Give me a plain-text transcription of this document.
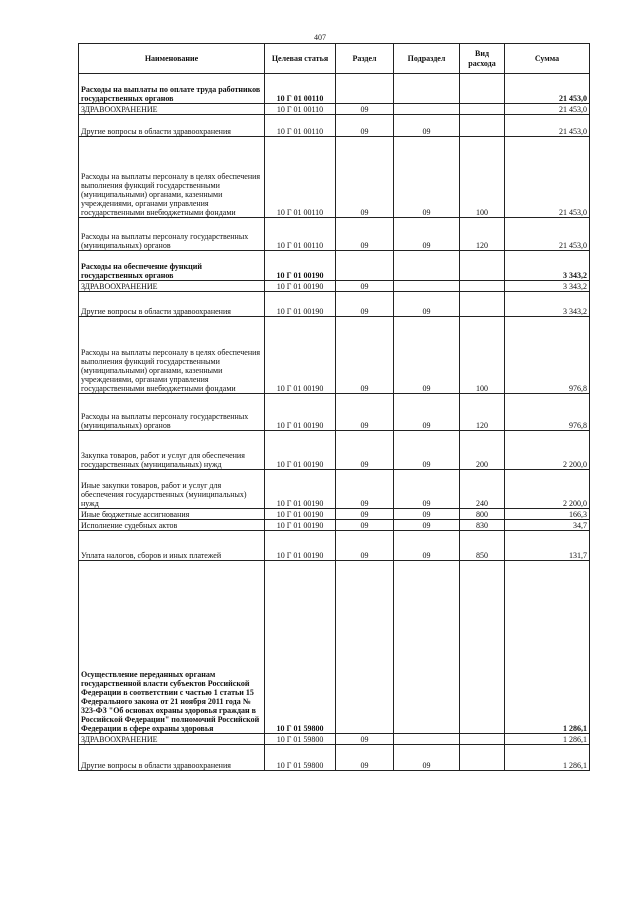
407
Наименование	Целевая статья	Раздел	Подраздел	Вид расхода	Сумма
Расходы на выплаты по оплате труда работников государственных органов	10 Г 01 00110				21 453,0
ЗДРАВООХРАНЕНИЕ	10 Г 01 00110	09			21 453,0
Другие вопросы в области здравоохранения	10 Г 01 00110	09	09		21 453,0
Расходы на выплаты персоналу в целях обеспечения выполнения функций государственными (муниципальными) органами, казенными учреждениями, органами управления государственными внебюджетными фондами	10 Г 01 00110	09	09	100	21 453,0
Расходы на выплаты персоналу государственных (муниципальных) органов	10 Г 01 00110	09	09	120	21 453,0
Расходы на обеспечение функций государственных органов	10 Г 01 00190				3 343,2
ЗДРАВООХРАНЕНИЕ	10 Г 01 00190	09			3 343,2
Другие вопросы в области здравоохранения	10 Г 01 00190	09	09		3 343,2
Расходы на выплаты персоналу в целях обеспечения выполнения функций государственными (муниципальными) органами, казенными учреждениями, органами управления государственными внебюджетными фондами	10 Г 01 00190	09	09	100	976,8
Расходы на выплаты персоналу государственных (муниципальных) органов	10 Г 01 00190	09	09	120	976,8
Закупка товаров, работ и услуг для обеспечения государственных (муниципальных) нужд	10 Г 01 00190	09	09	200	2 200,0
Иные закупки товаров, работ и услуг для обеспечения государственных (муниципальных) нужд	10 Г 01 00190	09	09	240	2 200,0
Иные бюджетные ассигнования	10 Г 01 00190	09	09	800	166,3
Исполнение судебных актов	10 Г 01 00190	09	09	830	34,7
Уплата налогов, сборов и иных платежей	10 Г 01 00190	09	09	850	131,7
Осуществление переданных органам государственной власти субъектов Российской Федерации в соответствии с частью 1 статьи 15 Федерального закона от 21 ноября 2011 года № 323-ФЗ "Об основах охраны здоровья граждан в Российской Федерации" полномочий Российской Федерации в сфере охраны здоровья	10 Г 01 59800				1 286,1
ЗДРАВООХРАНЕНИЕ	10 Г 01 59800	09			1 286,1
Другие вопросы в области здравоохранения	10 Г 01 59800	09	09		1 286,1
